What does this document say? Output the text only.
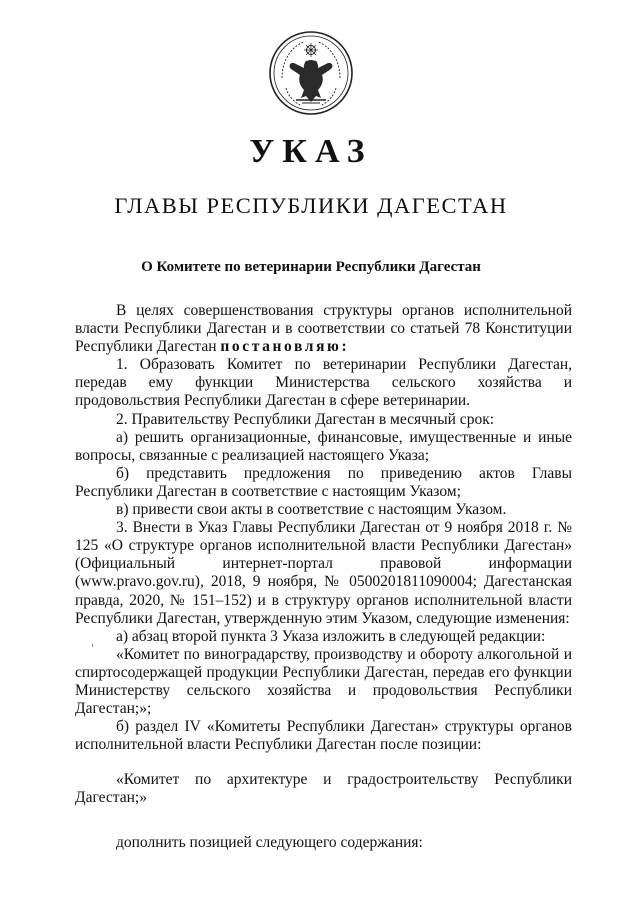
УКАЗ
ГЛАВЫ РЕСПУБЛИКИ ДАГЕСТАН
О Комитете по ветеринарии Республики Дагестан

В целях совершенствования структуры органов исполнительной власти Республики Дагестан и в соответствии со статьей 78 Конституции Республики Дагестан постановляю:

1. Образовать Комитет по ветеринарии Республики Дагестан, передав ему функции Министерства сельского хозяйства и продовольствия Республики Дагестан в сфере ветеринарии.

2. Правительству Республики Дагестан в месячный срок:

а) решить организационные, финансовые, имущественные и иные вопросы, связанные с реализацией настоящего Указа;

б) представить предложения по приведению актов Главы Республики Дагестан в соответствие с настоящим Указом;

в) привести свои акты в соответствие с настоящим Указом.

3. Внести в Указ Главы Республики Дагестан от 9 ноября 2018 г. № 125 «О структуре органов исполнительной власти Республики Дагестан» (Официальный интернет-портал правовой информации (www.pravo.gov.ru), 2018, 9 ноября, № 0500201811090004; Дагестанская правда, 2020, № 151–152) и в структуру органов исполнительной власти Республики Дагестан, утвержденную этим Указом, следующие изменения:

а) абзац второй пункта 3 Указа изложить в следующей редакции:

«Комитет по виноградарству, производству и обороту алкогольной и спиртосодержащей продукции Республики Дагестан, передав его функции Министерству сельского хозяйства и продовольствия Республики Дагестан;»;

б) раздел IV «Комитеты Республики Дагестан» структуры органов исполнительной власти Республики Дагестан после позиции:

«Комитет по архитектуре и градостроительству Республики Дагестан;»

дополнить позицией следующего содержания:

’
